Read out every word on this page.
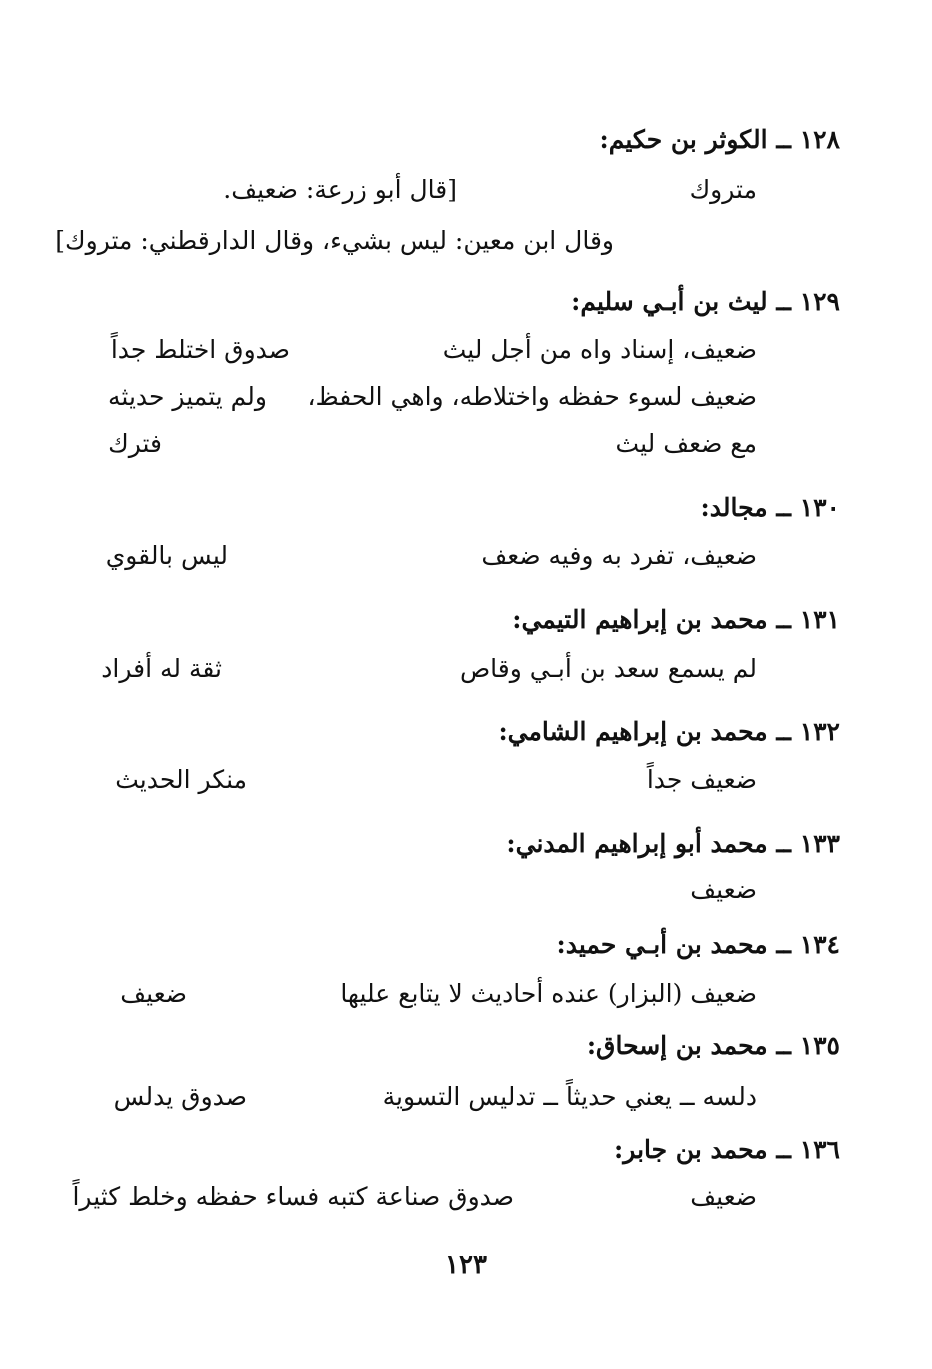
١٢٨ ــ الكوثر بن حكيم:
متروك
[قال أبو زرعة: ضعيف.
وقال ابن معين: ليس بشيء، وقال الدارقطني: متروك]
١٢٩ ــ ليث بن أبـي سليم:
ضعيف، إسناد واه من أجل ليث
صدوق اختلط جداً
ضعيف لسوء حفظه واختلاطه، واهي الحفظ،
ولم يتميز حديثه
مع ضعف ليث
فترك
١٣٠ ــ مجالد:
ضعيف، تفرد به وفيه ضعف
ليس بالقوي
١٣١ ــ محمد بن إبراهيم التيمي:
لم يسمع سعد بن أبـي وقاص
ثقة له أفراد
١٣٢ ــ محمد بن إبراهيم الشامي:
ضعيف جداً
منكر الحديث
١٣٣ ــ محمد أبو إبراهيم المدني:
ضعيف
١٣٤ ــ محمد بن أبـي حميد:
ضعيف (البزار) عنده أحاديث لا يتابع عليها
ضعيف
١٣٥ ــ محمد بن إسحاق:
دلسه ــ يعني حديثاً ــ تدليس التسوية
صدوق يدلس
١٣٦ ــ محمد بن جابر:
ضعيف
صدوق صناعة كتبه فساء حفظه وخلط كثيراً
١٢٣
